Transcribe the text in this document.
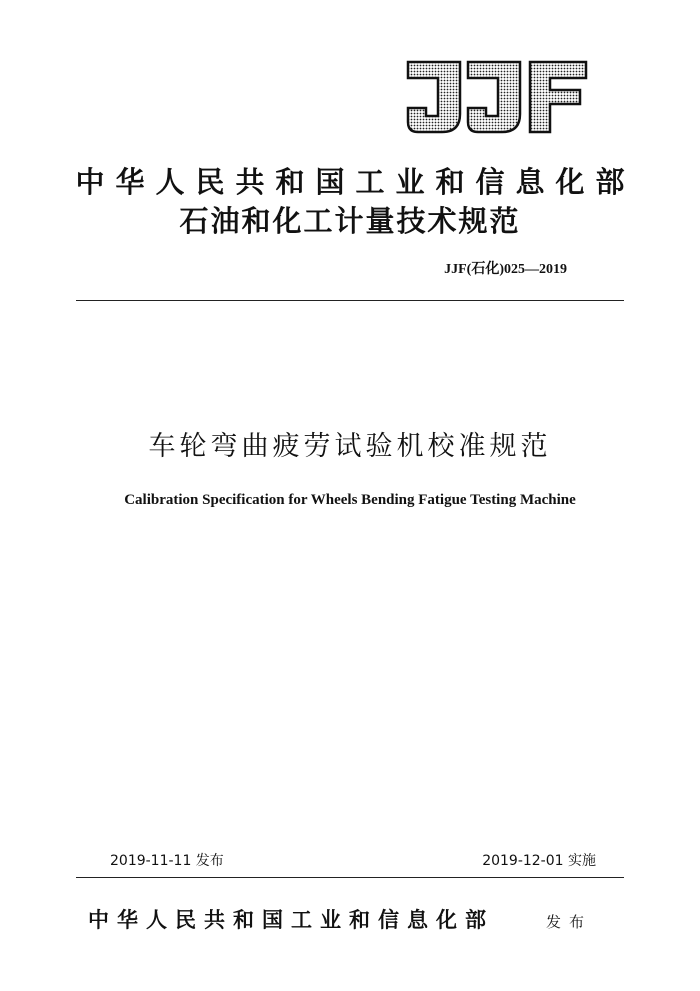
中华人民共和国工业和信息化部
石油和化工计量技术规范
JJF(石化)025—2019
车轮弯曲疲劳试验机校准规范
Calibration Specification for Wheels Bending Fatigue Testing Machine
2019-11-11 发布	2019-12-01 实施
中华人民共和国工业和信息化部	发布
